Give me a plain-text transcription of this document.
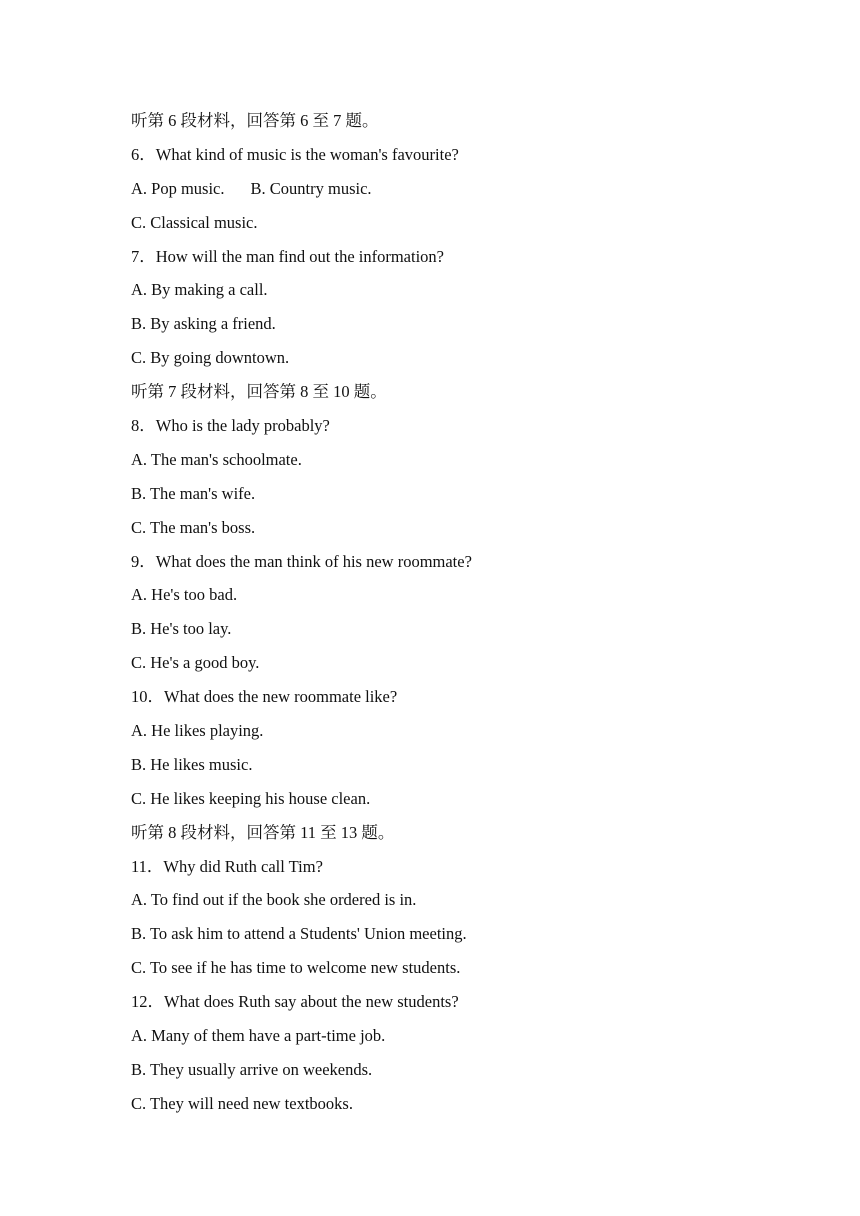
听第 6 段材料，回答第 6 至 7 题。
6．What kind of music is the woman's favourite?
A. Pop music. B. Country music.
C. Classical music.
7．How will the man find out the information?
A. By making a call.
B. By asking a friend.
C. By going downtown.
听第 7 段材料，回答第 8 至 10 题。
8．Who is the lady probably?
A. The man's schoolmate.
B. The man's wife.
C. The man's boss.
9．What does the man think of his new roommate?
A. He's too bad.
B. He's too lay.
C. He's a good boy.
10．What does the new roommate like?
A. He likes playing.
B. He likes music.
C. He likes keeping his house clean.
听第 8 段材料，回答第 11 至 13 题。
11．Why did Ruth call Tim?
A. To find out if the book she ordered is in.
B. To ask him to attend a Students' Union meeting.
C. To see if he has time to welcome new students.
12．What does Ruth say about the new students?
A. Many of them have a part-time job.
B. They usually arrive on weekends.
C. They will need new textbooks.
